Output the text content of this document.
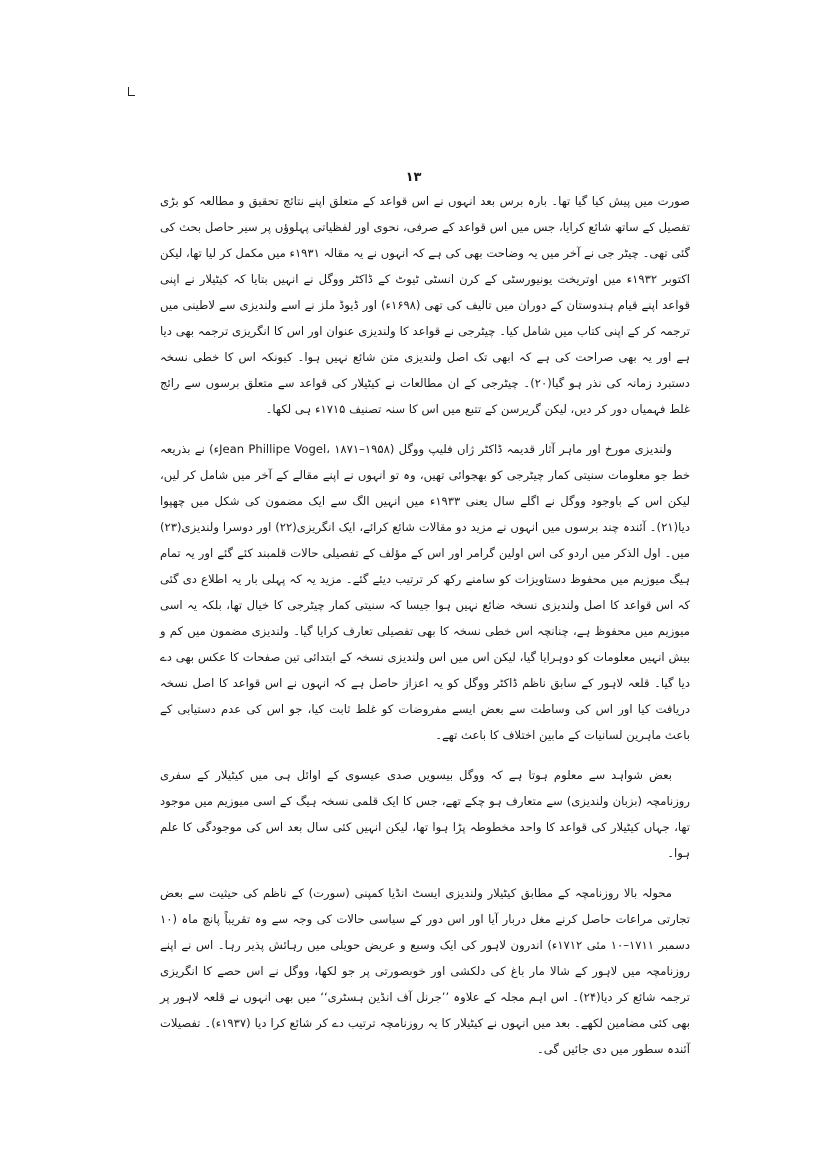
۱۳

صورت میں پیش کیا گیا تھا۔ بارہ برس بعد انہوں نے اس قواعد کے متعلق اپنے نتائج تحقیق و مطالعہ کو بڑی تفصیل کے ساتھ شائع کرایا، جس میں اس قواعد کے صرفی، نحوی اور لفظیاتی پہلوؤں پر سیر حاصل بحث کی گئی تھی۔ چیٹر جی نے آخر میں یہ وضاحت بھی کی ہے کہ انہوں نے یہ مقالہ ۱۹۳۱ء میں مکمل کر لیا تھا، لیکن اکتوبر ۱۹۳۲ء میں اوتریخت یونیورسٹی کے کرن انسٹی ٹیوٹ کے ڈاکٹر ووگل نے انہیں بتایا کہ کیٹیلار نے اپنی قواعد اپنے قیام ہندوستان کے دوران میں تالیف کی تھی (۱۶۹۸ء) اور ڈیوڈ ملز نے اسے ولندیزی سے لاطینی میں ترجمہ کر کے اپنی کتاب میں شامل کیا۔ چیٹرجی نے قواعد کا ولندیزی عنوان اور اس کا انگریزی ترجمہ بھی دیا ہے اور یہ بھی صراحت کی ہے کہ ابھی تک اصل ولندیزی متن شائع نہیں ہوا۔ کیونکہ اس کا خطی نسخہ دستبرد زمانہ کی نذر ہو گیا(۲۰)۔ چیٹرجی کے ان مطالعات نے کیٹیلار کی قواعد سے متعلق برسوں سے رائج غلط فہمیاں دور کر دیں، لیکن گریرسن کے تتبع میں اس کا سنہ تصنیف ۱۷۱۵ء ہی لکھا۔

ولندیزی مورخ اور ماہر آثار قدیمہ ڈاکٹر ژاں فلیپ ووگل (Jean Phillipe Vogel، ۱۸۷۱–۱۹۵۸ء) نے بذریعہ خط جو معلومات سنیتی کمار چیٹرجی کو بھجوائی تھیں، وہ تو انہوں نے اپنے مقالے کے آخر میں شامل کر لیں، لیکن اس کے باوجود ووگل نے اگلے سال یعنی ۱۹۳۳ء میں انہیں الگ سے ایک مضمون کی شکل میں چھپوا دیا(۲۱)۔ آئندہ چند برسوں میں انہوں نے مزید دو مقالات شائع کرائے، ایک انگریزی(۲۲) اور دوسرا ولندیزی(۲۳) میں۔ اول الذکر میں اردو کی اس اولین گرامر اور اس کے مؤلف کے تفصیلی حالات قلمبند کئے گئے اور یہ تمام ہیگ میوزیم میں محفوظ دستاویزات کو سامنے رکھ کر ترتیب دیئے گئے۔ مزید یہ کہ پہلی بار یہ اطلاع دی گئی کہ اس قواعد کا اصل ولندیزی نسخہ ضائع نہیں ہوا جیسا کہ سنیتی کمار چیٹرجی کا خیال تھا، بلکہ یہ اسی میوزیم میں محفوظ ہے، چنانچہ اس خطی نسخہ کا بھی تفصیلی تعارف کرایا گیا۔ ولندیزی مضمون میں کم و بیش انہیں معلومات کو دوہرایا گیا، لیکن اس میں اس ولندیزی نسخہ کے ابتدائی تین صفحات کا عکس بھی دے دیا گیا۔ قلعہ لاہور کے سابق ناظم ڈاکٹر ووگل کو یہ اعزاز حاصل ہے کہ انہوں نے اس قواعد کا اصل نسخہ دریافت کیا اور اس کی وساطت سے بعض ایسے مفروضات کو غلط ثابت کیا، جو اس کی عدم دستیابی کے باعث ماہرین لسانیات کے مابین اختلاف کا باعث تھے۔

بعض شواہد سے معلوم ہوتا ہے کہ ووگل بیسویں صدی عیسوی کے اوائل ہی میں کیٹیلار کے سفری روزنامچہ (بزبان ولندیزی) سے متعارف ہو چکے تھے، جس کا ایک قلمی نسخہ ہیگ کے اسی میوزیم میں موجود تھا، جہاں کیٹیلار کی قواعد کا واحد مخطوطہ پڑا ہوا تھا، لیکن انہیں کئی سال بعد اس کی موجودگی کا علم ہوا۔

محولہ بالا روزنامچہ کے مطابق کیٹیلار ولندیزی ایسٹ انڈیا کمپنی (سورت) کے ناظم کی حیثیت سے بعض تجارتی مراعات حاصل کرنے مغل دربار آیا اور اس دور کے سیاسی حالات کی وجہ سے وہ تقریباً پانچ ماہ (۱۰ دسمبر ۱۷۱۱–۱۰ مئی ۱۷۱۲ء) اندرون لاہور کی ایک وسیع و عریض حویلی میں رہائش پذیر رہا۔ اس نے اپنے روزنامچہ میں لاہور کے شالا مار باغ کی دلکشی اور خوبصورتی پر جو لکھا، ووگل نے اس حصے کا انگریزی ترجمہ شائع کر دیا(۲۴)۔ اس اہم مجلہ کے علاوہ ’’جرنل آف انڈین ہسٹری‘‘ میں بھی انہوں نے قلعہ لاہور پر بھی کئی مضامین لکھے۔ بعد میں انہوں نے کیٹیلار کا یہ روزنامچہ ترتیب دے کر شائع کرا دیا (۱۹۳۷ء)۔ تفصیلات آئندہ سطور میں دی جائیں گی۔
